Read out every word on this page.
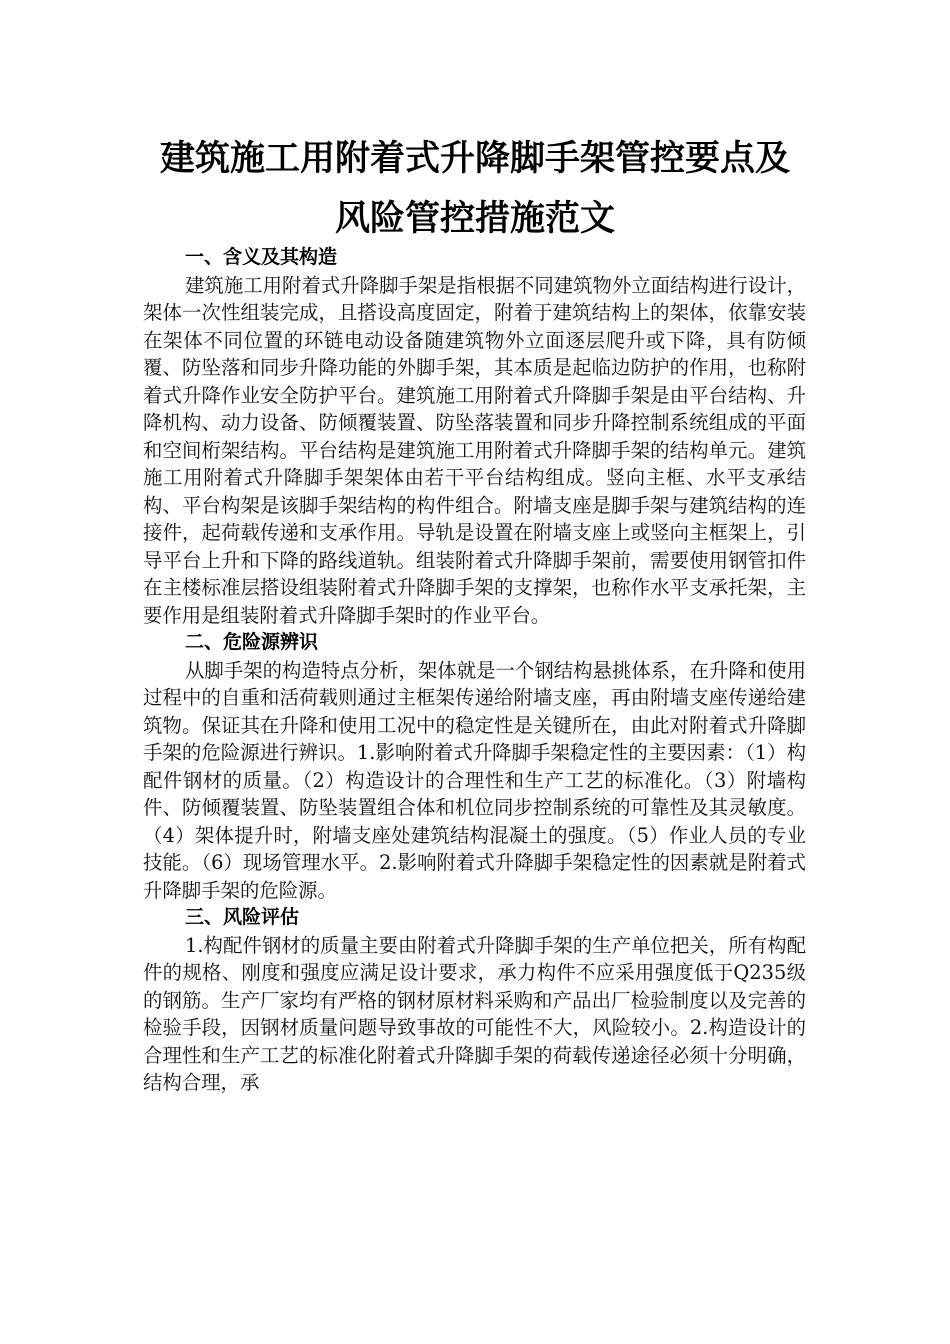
建筑施工用附着式升降脚手架管控要点及
风险管控措施范文
一、含义及其构造

建筑施工用附着式升降脚手架是指根据不同建筑物外立面结构进行设计，架体一次性组装完成，且搭设高度固定，附着于建筑结构上的架体，依靠安装在架体不同位置的环链电动设备随建筑物外立面逐层爬升或下降，具有防倾覆、防坠落和同步升降功能的外脚手架，其本质是起临边防护的作用，也称附着式升降作业安全防护平台。建筑施工用附着式升降脚手架是由平台结构、升降机构、动力设备、防倾覆装置、防坠落装置和同步升降控制系统组成的平面和空间桁架结构。平台结构是建筑施工用附着式升降脚手架的结构单元。建筑施工用附着式升降脚手架架体由若干平台结构组成。竖向主框、水平支承结构、平台构架是该脚手架结构的构件组合。附墙支座是脚手架与建筑结构的连接件，起荷载传递和支承作用。导轨是设置在附墙支座上或竖向主框架上，引导平台上升和下降的路线道轨。组装附着式升降脚手架前，需要使用钢管扣件在主楼标准层搭设组装附着式升降脚手架的支撑架，也称作水平支承托架，主要作用是组装附着式升降脚手架时的作业平台。

二、危险源辨识

从脚手架的构造特点分析，架体就是一个钢结构悬挑体系，在升降和使用过程中的自重和活荷载则通过主框架传递给附墙支座，再由附墙支座传递给建筑物。保证其在升降和使用工况中的稳定性是关键所在，由此对附着式升降脚手架的危险源进行辨识。1.影响附着式升降脚手架稳定性的主要因素：（1）构配件钢材的质量。（2）构造设计的合理性和生产工艺的标准化。（3）附墙构件、防倾覆装置、防坠装置组合体和机位同步控制系统的可靠性及其灵敏度。（4）架体提升时，附墙支座处建筑结构混凝土的强度。（5）作业人员的专业技能。（6）现场管理水平。2.影响附着式升降脚手架稳定性的因素就是附着式升降脚手架的危险源。

三、风险评估

1.构配件钢材的质量主要由附着式升降脚手架的生产单位把关，所有构配件的规格、刚度和强度应满足设计要求，承力构件不应采用强度低于Q235级的钢筋。生产厂家均有严格的钢材原材料采购和产品出厂检验制度以及完善的检验手段，因钢材质量问题导致事故的可能性不大，风险较小。2.构造设计的合理性和生产工艺的标准化附着式升降脚手架的荷载传递途径必须十分明确，结构合理，承
